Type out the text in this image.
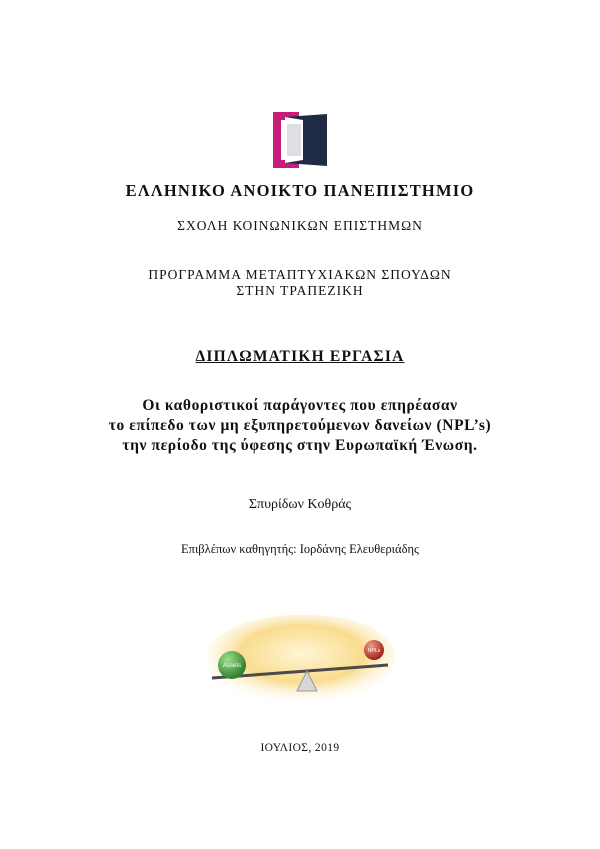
ΕΛΛΗΝΙΚΟ ΑΝΟΙΚΤΟ ΠΑΝΕΠΙΣΤΗΜΙΟ
ΣΧΟΛΗ ΚΟΙΝΩΝΙΚΩΝ ΕΠΙΣΤΗΜΩΝ
ΠΡΟΓΡΑΜΜΑ ΜΕΤΑΠΤΥΧΙΑΚΩΝ ΣΠΟΥΔΩΝ
ΣΤΗΝ ΤΡΑΠΕΖΙΚΗ
ΔΙΠΛΩΜΑΤΙΚΗ ΕΡΓΑΣΙΑ
Οι καθοριστικοί παράγοντες που επηρέασαν
το επίπεδο των μη εξυπηρετούμενων δανείων (NPL’s)
την περίοδο της ύφεσης στην Ευρωπαϊκή Ένωση.
Σπυρίδων Κοθράς
Επιβλέπων καθηγητής: Ιορδάνης Ελευθεριάδης
Assets
NPLs
ΙΟΥΛΙΟΣ, 2019
